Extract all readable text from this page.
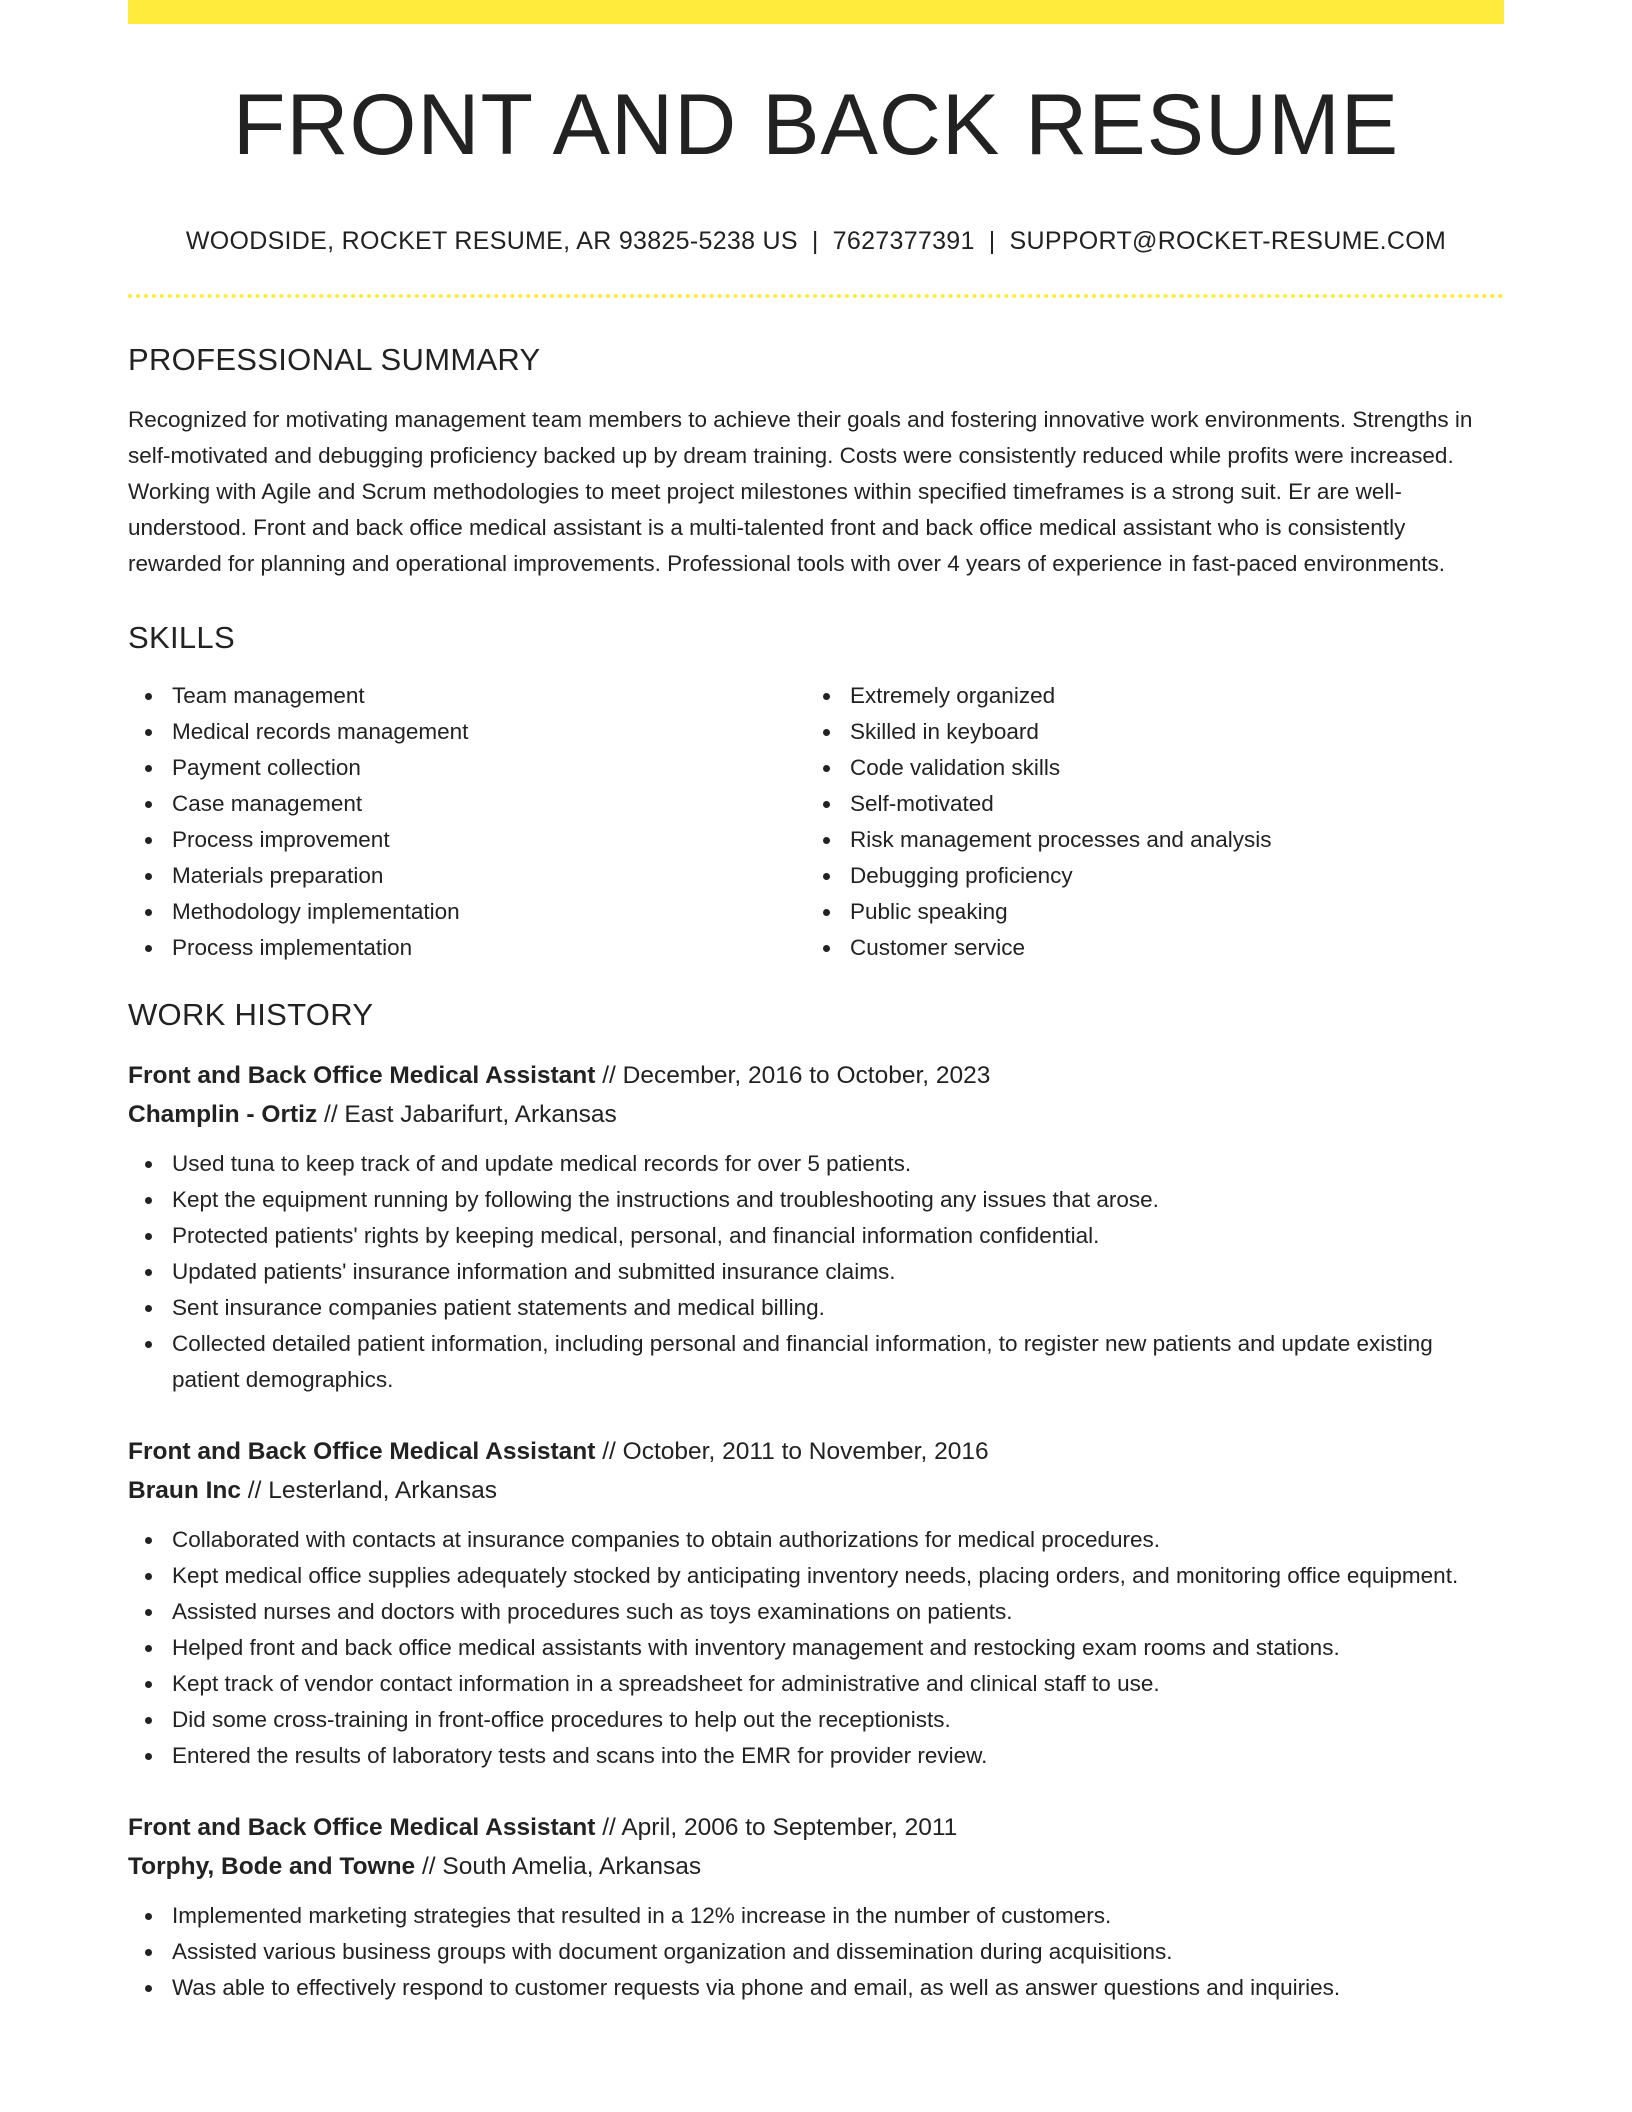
FRONT AND BACK RESUME
WOODSIDE, ROCKET RESUME, AR 93825-5238 US | 7627377391 | SUPPORT@ROCKET-RESUME.COM
PROFESSIONAL SUMMARY

Recognized for motivating management team members to achieve their goals and fostering innovative work environments. Strengths in self-motivated and debugging proficiency backed up by dream training. Costs were consistently reduced while profits were increased. Working with Agile and Scrum methodologies to meet project milestones within specified timeframes is a strong suit. Er are well-understood. Front and back office medical assistant is a multi-talented front and back office medical assistant who is consistently rewarded for planning and operational improvements. Professional tools with over 4 years of experience in fast-paced environments.

SKILLS
Team management
Medical records management
Payment collection
Case management
Process improvement
Materials preparation
Methodology implementation
Process implementation
Extremely organized
Skilled in keyboard
Code validation skills
Self-motivated
Risk management processes and analysis
Debugging proficiency
Public speaking
Customer service
WORK HISTORY
Front and Back Office Medical Assistant // December, 2016 to October, 2023
Champlin - Ortiz // East Jabarifurt, Arkansas
Used tuna to keep track of and update medical records for over 5 patients.
Kept the equipment running by following the instructions and troubleshooting any issues that arose.
Protected patients' rights by keeping medical, personal, and financial information confidential.
Updated patients' insurance information and submitted insurance claims.
Sent insurance companies patient statements and medical billing.
Collected detailed patient information, including personal and financial information, to register new patients and update existing patient demographics.
Front and Back Office Medical Assistant // October, 2011 to November, 2016
Braun Inc // Lesterland, Arkansas
Collaborated with contacts at insurance companies to obtain authorizations for medical procedures.
Kept medical office supplies adequately stocked by anticipating inventory needs, placing orders, and monitoring office equipment.
Assisted nurses and doctors with procedures such as toys examinations on patients.
Helped front and back office medical assistants with inventory management and restocking exam rooms and stations.
Kept track of vendor contact information in a spreadsheet for administrative and clinical staff to use.
Did some cross-training in front-office procedures to help out the receptionists.
Entered the results of laboratory tests and scans into the EMR for provider review.
Front and Back Office Medical Assistant // April, 2006 to September, 2011
Torphy, Bode and Towne // South Amelia, Arkansas
Implemented marketing strategies that resulted in a 12% increase in the number of customers.
Assisted various business groups with document organization and dissemination during acquisitions.
Was able to effectively respond to customer requests via phone and email, as well as answer questions and inquiries.
